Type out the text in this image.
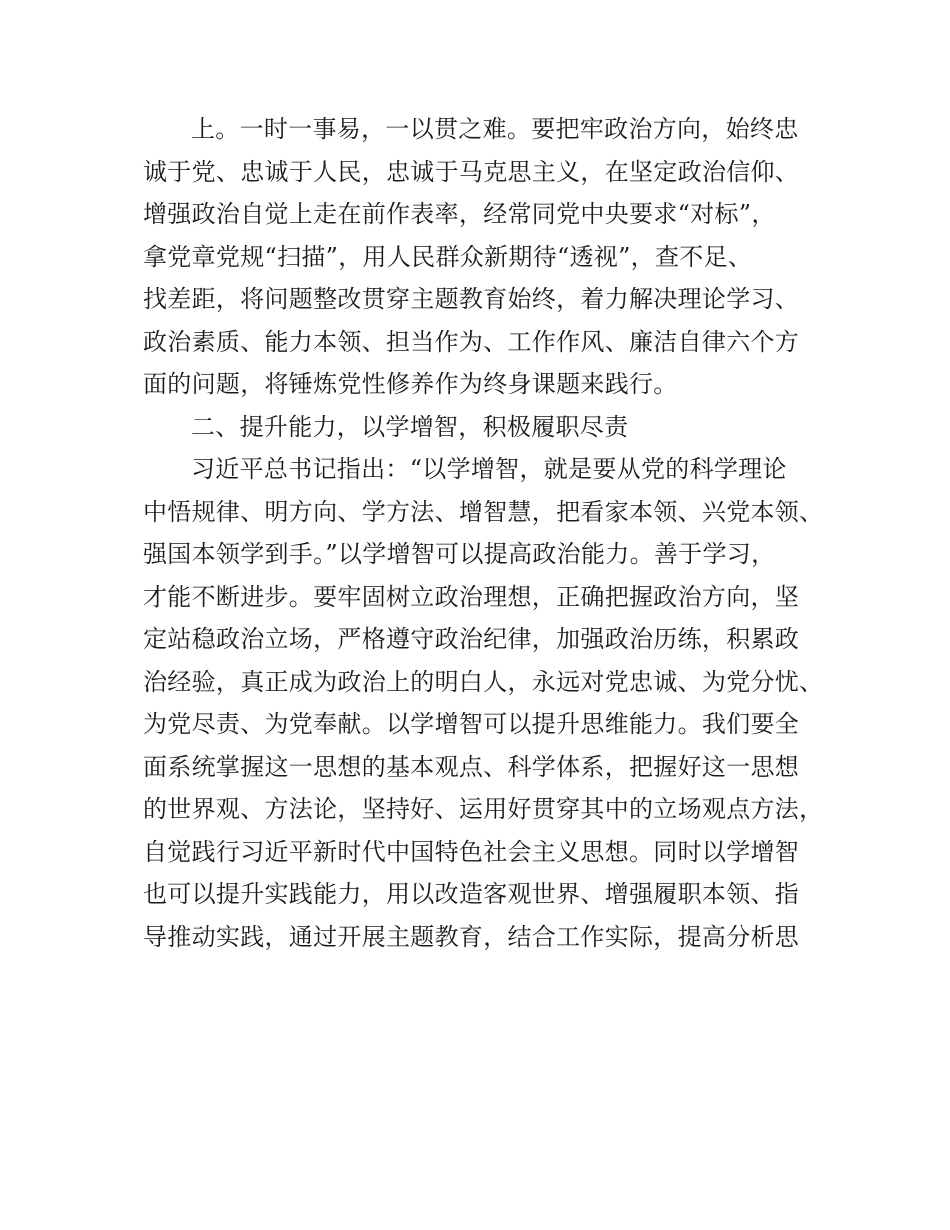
上。一时一事易，一以贯之难。要把牢政治方向，始终忠
诚于党、忠诚于人民，忠诚于马克思主义，在坚定政治信仰、
增强政治自觉上走在前作表率，经常同党中央要求“对标”，
拿党章党规“扫描”，用人民群众新期待“透视”，查不足、
找差距，将问题整改贯穿主题教育始终，着力解决理论学习、
政治素质、能力本领、担当作为、工作作风、廉洁自律六个方
面的问题，将锤炼党性修养作为终身课题来践行。
二、提升能力，以学增智，积极履职尽责
习近平总书记指出：“以学增智，就是要从党的科学理论
中悟规律、明方向、学方法、增智慧，把看家本领、兴党本领、
强国本领学到手。”以学增智可以提高政治能力。善于学习，
才能不断进步。要牢固树立政治理想，正确把握政治方向，坚
定站稳政治立场，严格遵守政治纪律，加强政治历练，积累政
治经验，真正成为政治上的明白人，永远对党忠诚、为党分忧、
为党尽责、为党奉献。以学增智可以提升思维能力。我们要全
面系统掌握这一思想的基本观点、科学体系，把握好这一思想
的世界观、方法论，坚持好、运用好贯穿其中的立场观点方法，
自觉践行习近平新时代中国特色社会主义思想。同时以学增智
也可以提升实践能力，用以改造客观世界、增强履职本领、指
导推动实践，通过开展主题教育，结合工作实际，提高分析思
